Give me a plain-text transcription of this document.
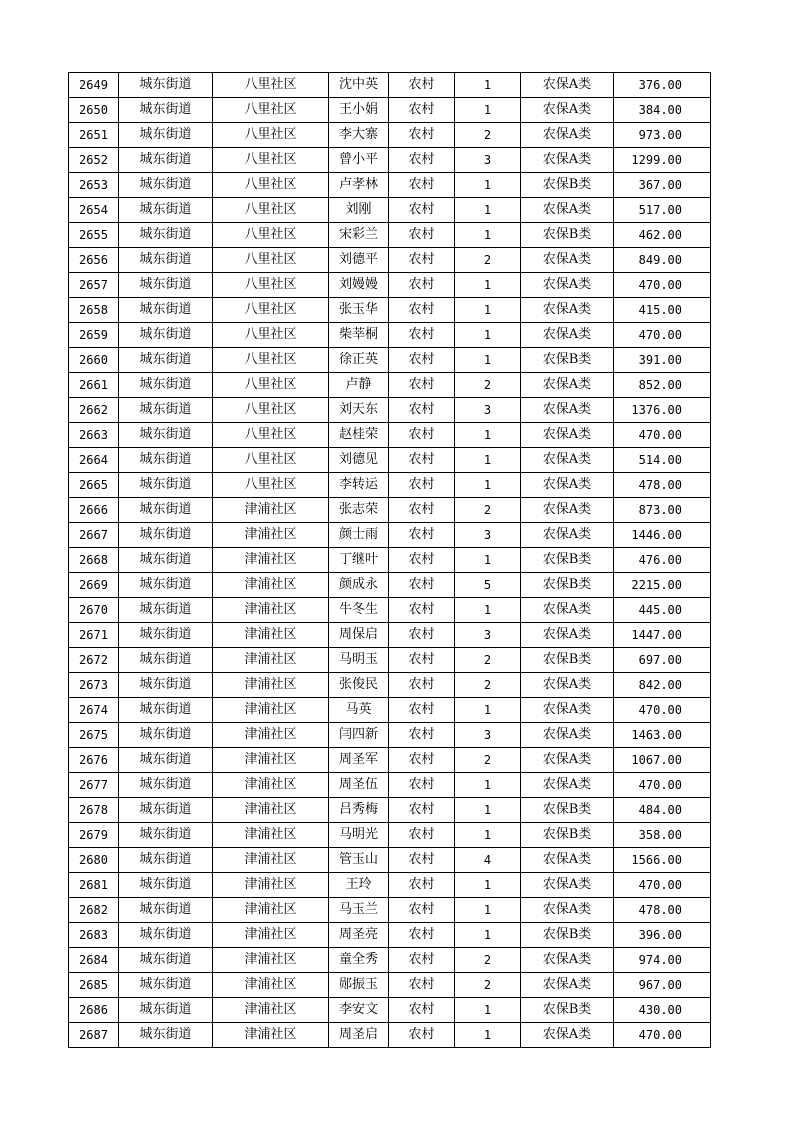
2649	城东街道	八里社区	沈中英	农村	1	农保A类	376.00
2650	城东街道	八里社区	王小娟	农村	1	农保A类	384.00
2651	城东街道	八里社区	李大寨	农村	2	农保A类	973.00
2652	城东街道	八里社区	曾小平	农村	3	农保A类	1299.00
2653	城东街道	八里社区	卢孝林	农村	1	农保B类	367.00
2654	城东街道	八里社区	刘刚	农村	1	农保A类	517.00
2655	城东街道	八里社区	宋彩兰	农村	1	农保B类	462.00
2656	城东街道	八里社区	刘德平	农村	2	农保A类	849.00
2657	城东街道	八里社区	刘嫚嫚	农村	1	农保A类	470.00
2658	城东街道	八里社区	张玉华	农村	1	农保A类	415.00
2659	城东街道	八里社区	柴莘桐	农村	1	农保A类	470.00
2660	城东街道	八里社区	徐正英	农村	1	农保B类	391.00
2661	城东街道	八里社区	卢静	农村	2	农保A类	852.00
2662	城东街道	八里社区	刘天东	农村	3	农保A类	1376.00
2663	城东街道	八里社区	赵桂荣	农村	1	农保A类	470.00
2664	城东街道	八里社区	刘德见	农村	1	农保A类	514.00
2665	城东街道	八里社区	李转运	农村	1	农保A类	478.00
2666	城东街道	津浦社区	张志荣	农村	2	农保A类	873.00
2667	城东街道	津浦社区	颜士雨	农村	3	农保A类	1446.00
2668	城东街道	津浦社区	丁继叶	农村	1	农保B类	476.00
2669	城东街道	津浦社区	颜成永	农村	5	农保B类	2215.00
2670	城东街道	津浦社区	牛冬生	农村	1	农保A类	445.00
2671	城东街道	津浦社区	周保启	农村	3	农保A类	1447.00
2672	城东街道	津浦社区	马明玉	农村	2	农保B类	697.00
2673	城东街道	津浦社区	张俊民	农村	2	农保A类	842.00
2674	城东街道	津浦社区	马英	农村	1	农保A类	470.00
2675	城东街道	津浦社区	闫四新	农村	3	农保A类	1463.00
2676	城东街道	津浦社区	周圣军	农村	2	农保A类	1067.00
2677	城东街道	津浦社区	周圣伍	农村	1	农保A类	470.00
2678	城东街道	津浦社区	吕秀梅	农村	1	农保B类	484.00
2679	城东街道	津浦社区	马明光	农村	1	农保B类	358.00
2680	城东街道	津浦社区	管玉山	农村	4	农保A类	1566.00
2681	城东街道	津浦社区	王玲	农村	1	农保A类	470.00
2682	城东街道	津浦社区	马玉兰	农村	1	农保A类	478.00
2683	城东街道	津浦社区	周圣亮	农村	1	农保B类	396.00
2684	城东街道	津浦社区	童全秀	农村	2	农保A类	974.00
2685	城东街道	津浦社区	郧振玉	农村	2	农保A类	967.00
2686	城东街道	津浦社区	李安文	农村	1	农保B类	430.00
2687	城东街道	津浦社区	周圣启	农村	1	农保A类	470.00
